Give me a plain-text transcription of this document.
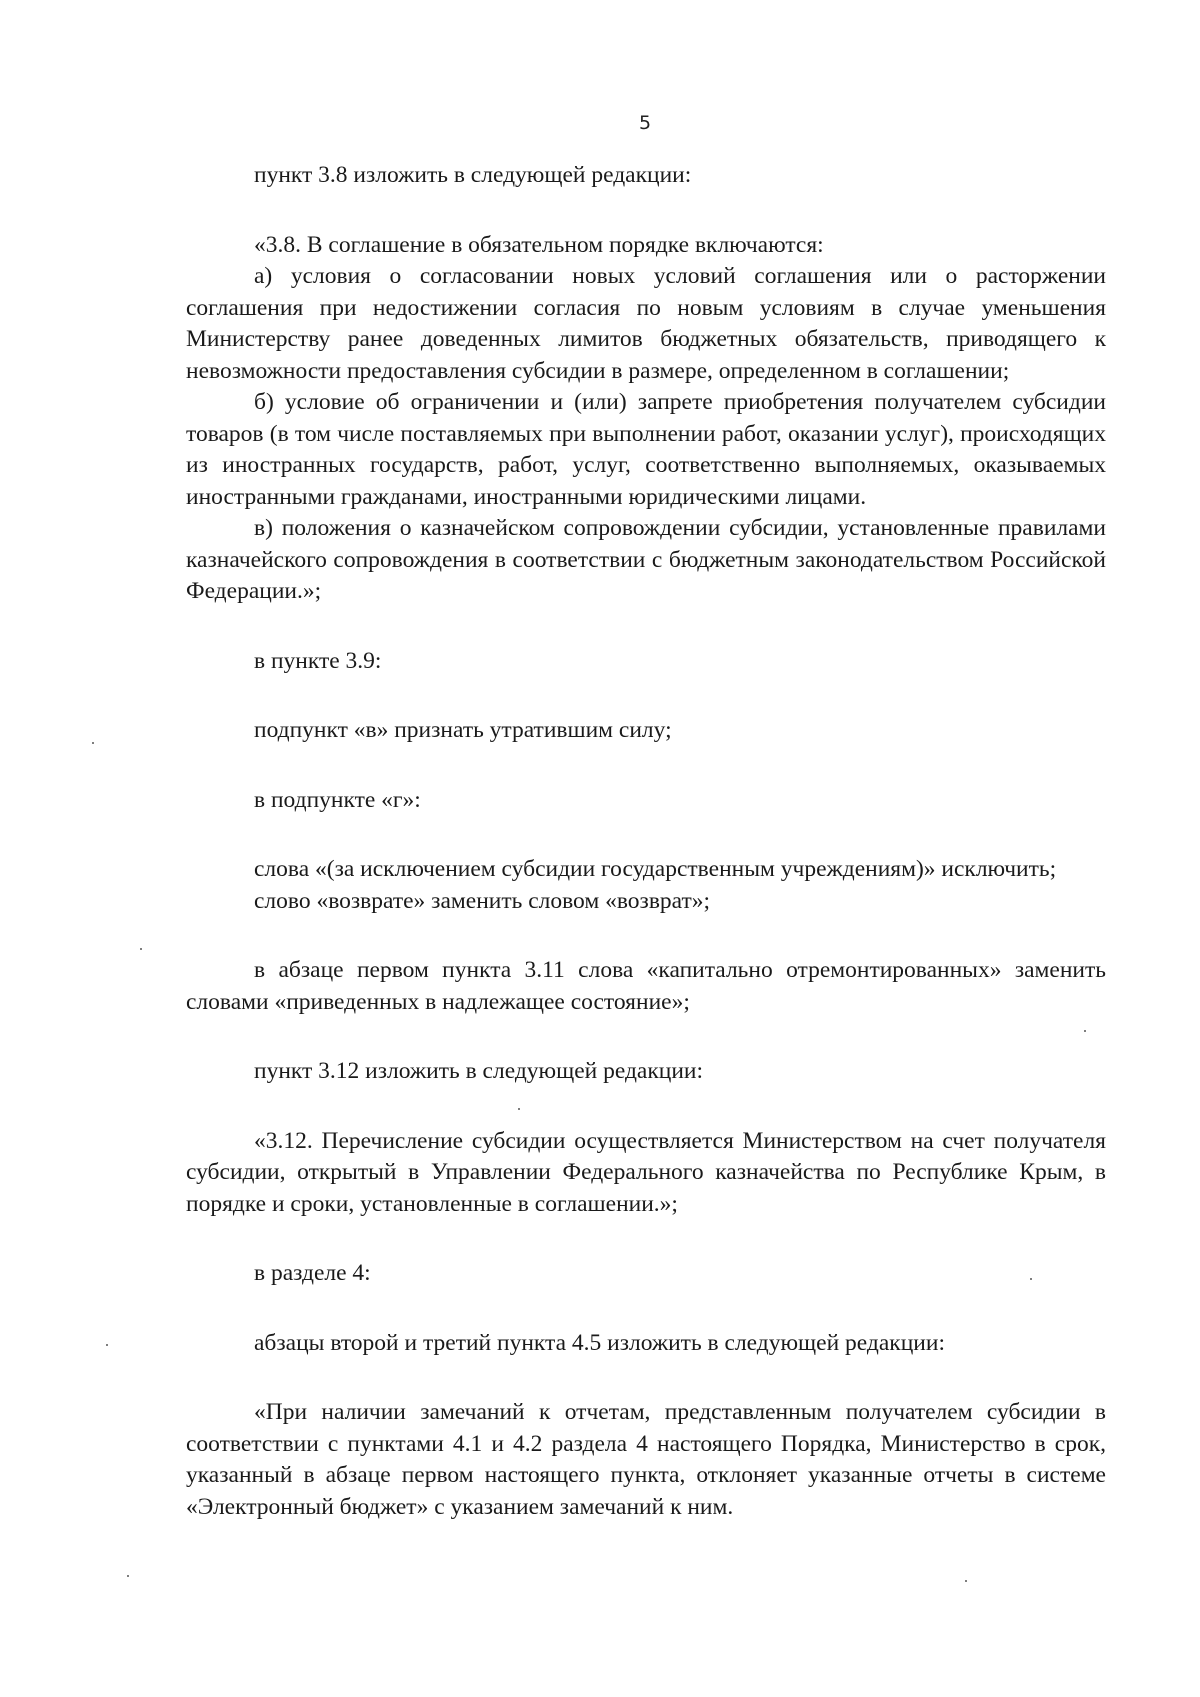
5

пункт 3.8 изложить в следующей редакции:

«3.8. В соглашение в обязательном порядке включаются:

а) условия о согласовании новых условий соглашения или о расторжении соглашения при недостижении согласия по новым условиям в случае уменьшения Министерству ранее доведенных лимитов бюджетных обязательств, приводящего к невозможности предоставления субсидии в размере, определенном в соглашении;

б) условие об ограничении и (или) запрете приобретения получателем субсидии товаров (в том числе поставляемых при выполнении работ, оказании услуг), происходящих из иностранных государств, работ, услуг, соответственно выполняемых, оказываемых иностранными гражданами, иностранными юридическими лицами.

в) положения о казначейском сопровождении субсидии, установленные правилами казначейского сопровождения в соответствии с бюджетным законодательством Российской Федерации.»;

в пункте 3.9:

подпункт «в» признать утратившим силу;

в подпункте «г»:

слова «(за исключением субсидии государственным учреждениям)» исключить;

слово «возврате» заменить словом «возврат»;

в абзаце первом пункта 3.11 слова «капитально отремонтированных» заменить словами «приведенных в надлежащее состояние»;

пункт 3.12 изложить в следующей редакции:

«3.12. Перечисление субсидии осуществляется Министерством на счет получателя субсидии, открытый в Управлении Федерального казначейства по Республике Крым, в порядке и сроки, установленные в соглашении.»;

в разделе 4:

абзацы второй и третий пункта 4.5 изложить в следующей редакции:

«При наличии замечаний к отчетам, представленным получателем субсидии в соответствии с пунктами 4.1 и 4.2 раздела 4 настоящего Порядка, Министерство в срок, указанный в абзаце первом настоящего пункта, отклоняет указанные отчеты в системе «Электронный бюджет» с указанием замечаний к ним.
